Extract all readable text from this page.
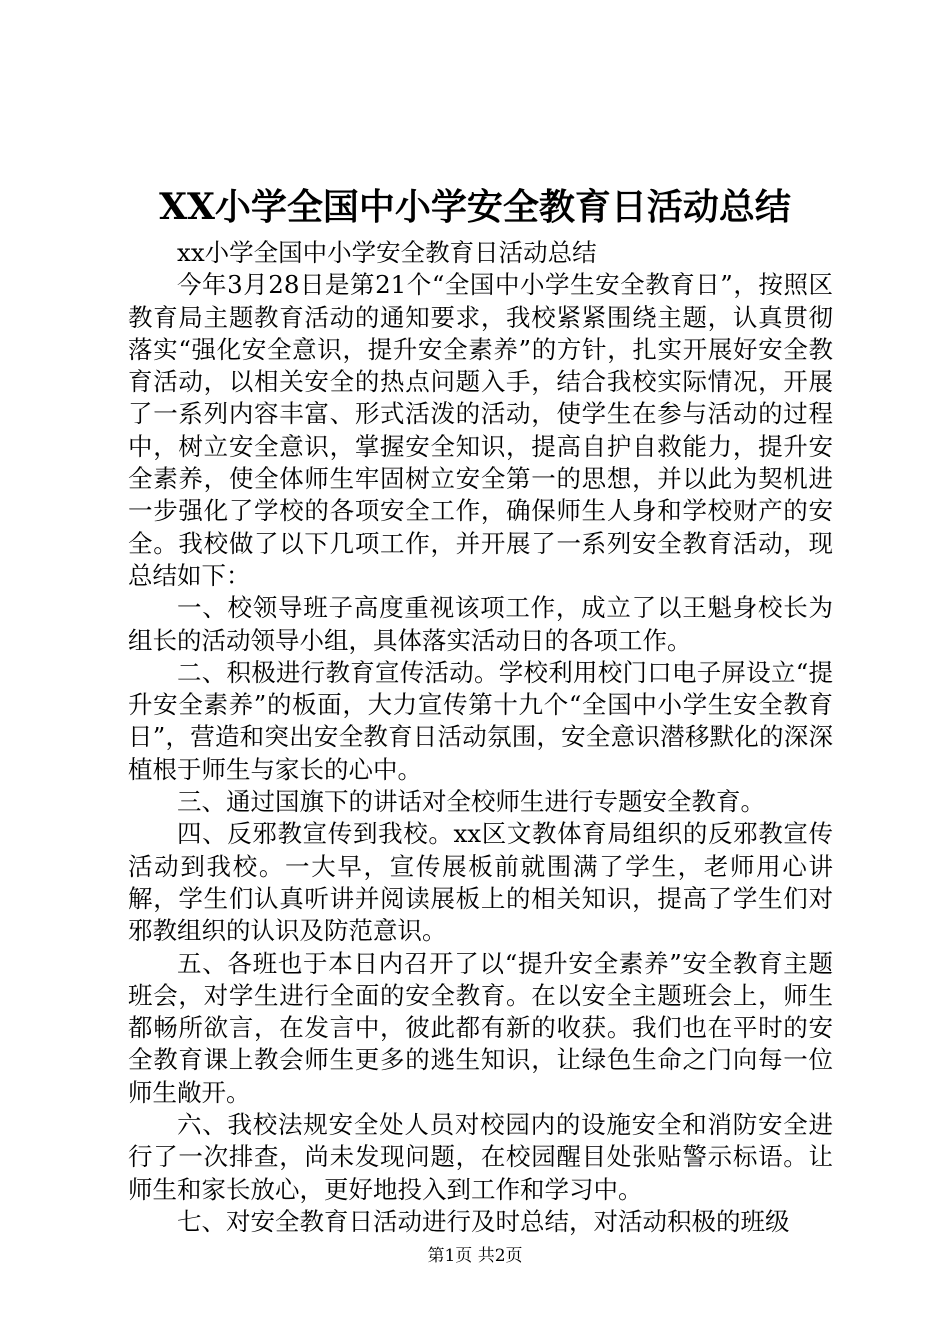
XX小学全国中小学安全教育日活动总结

xx小学全国中小学安全教育日活动总结

今年3月28日是第21个“全国中小学生安全教育日”，按照区教育局主题教育活动的通知要求，我校紧紧围绕主题，认真贯彻落实“强化安全意识，提升安全素养”的方针，扎实开展好安全教育活动，以相关安全的热点问题入手，结合我校实际情况，开展了一系列内容丰富、形式活泼的活动，使学生在参与活动的过程中，树立安全意识，掌握安全知识，提高自护自救能力，提升安全素养，使全体师生牢固树立安全第一的思想，并以此为契机进一步强化了学校的各项安全工作，确保师生人身和学校财产的安全。我校做了以下几项工作，并开展了一系列安全教育活动，现总结如下：

一、校领导班子高度重视该项工作，成立了以王魁身校长为组长的活动领导小组，具体落实活动日的各项工作。

二、积极进行教育宣传活动。学校利用校门口电子屏设立“提升安全素养”的板面，大力宣传第十九个“全国中小学生安全教育日”，营造和突出安全教育日活动氛围，安全意识潜移默化的深深植根于师生与家长的心中。

三、通过国旗下的讲话对全校师生进行专题安全教育。

四、反邪教宣传到我校。xx区文教体育局组织的反邪教宣传活动到我校。一大早，宣传展板前就围满了学生，老师用心讲解，学生们认真听讲并阅读展板上的相关知识，提高了学生们对邪教组织的认识及防范意识。

五、各班也于本日内召开了以“提升安全素养”安全教育主题班会，对学生进行全面的安全教育。在以安全主题班会上，师生都畅所欲言，在发言中，彼此都有新的收获。我们也在平时的安全教育课上教会师生更多的逃生知识，让绿色生命之门向每一位师生敞开。

六、我校法规安全处人员对校园内的设施安全和消防安全进行了一次排查，尚未发现问题，在校园醒目处张贴警示标语。让师生和家长放心，更好地投入到工作和学习中。

七、对安全教育日活动进行及时总结，对活动积极的班级

第1页 共2页
